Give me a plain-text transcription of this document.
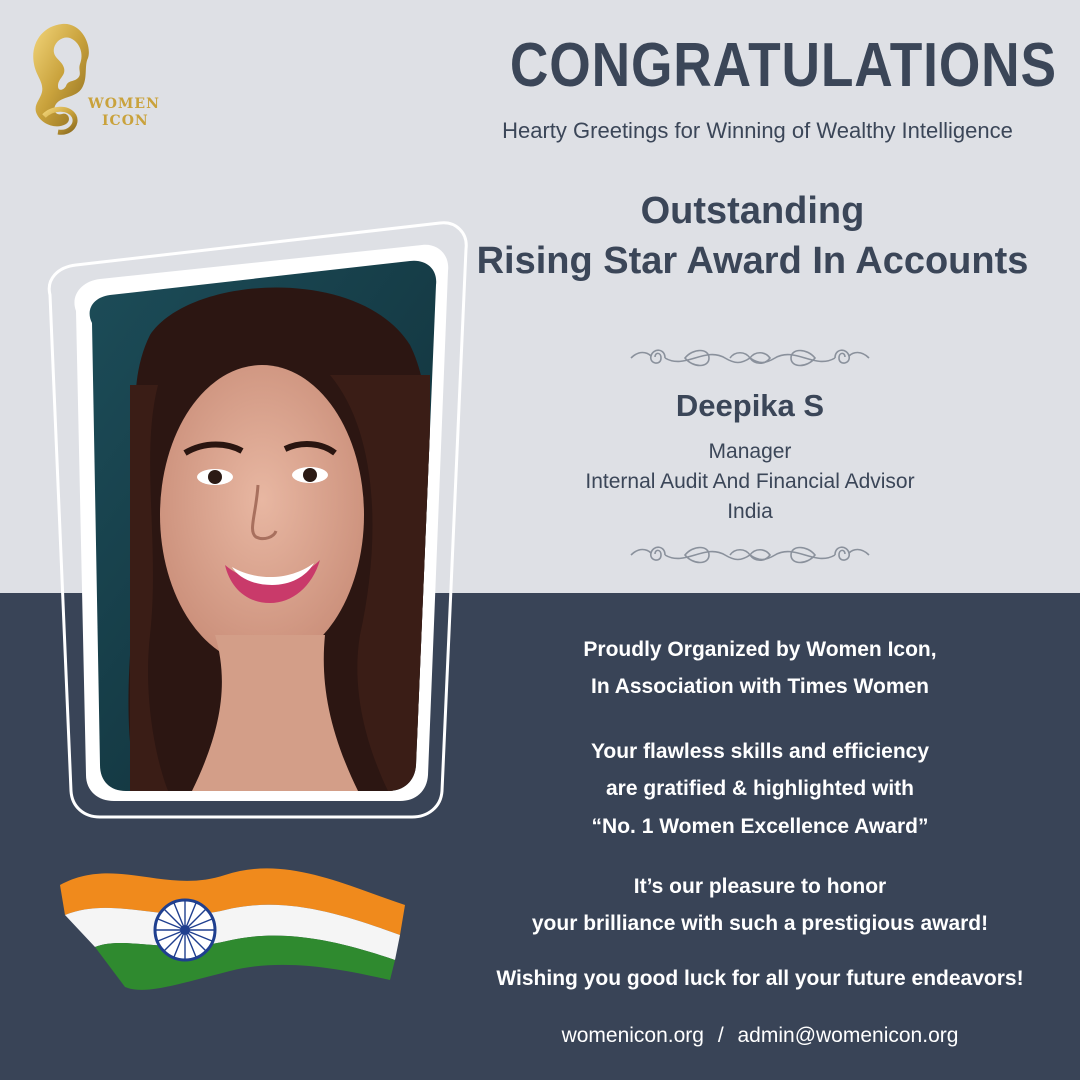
WOMEN
ICON
CONGRATULATIONS
Hearty Greetings for Winning of Wealthy Intelligence
Outstanding
Rising Star Award In Accounts
Deepika S
Manager
Internal Audit And Financial Advisor
India
Proudly Organized by Women Icon,
In Association with Times Women
Your flawless skills and efficiency
are gratified & highlighted with
“No. 1 Women Excellence Award”
It’s our pleasure to honor
your brilliance with such a prestigious award!
Wishing you good luck for all your future endeavors!
womenicon.org / admin@womenicon.org
